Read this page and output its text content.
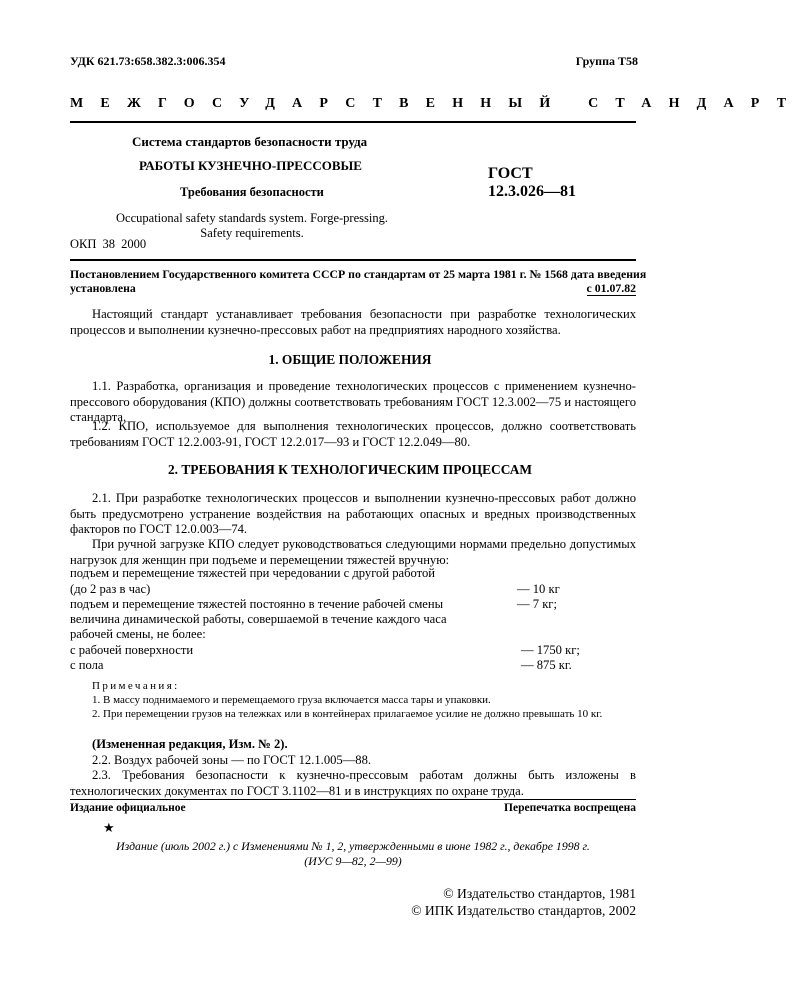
УДК 621.73:658.382.3:006.354	Группа T58
МЕЖГОСУДАРСТВЕННЫЙ СТАНДАРТ
Система стандартов безопасности труда
РАБОТЫ КУЗНЕЧНО-ПРЕССОВЫЕ
Требования безопасности
ГОСТ
12.3.026—81
Occupational safety standards system. Forge-pressing.
Safety requirements.
ОКП 38 2000
Постановлением Государственного комитета СССР по стандартам от 25 марта 1981 г. № 1568 дата введения
установлена	с 01.07.82
Настоящий стандарт устанавливает требования безопасности при разработке технологических процессов и выполнении кузнечно-прессовых работ на предприятиях народного хозяйства.
1. ОБЩИЕ ПОЛОЖЕНИЯ
1.1. Разработка, организация и проведение технологических процессов с применением кузнечно-прессового оборудования (КПО) должны соответствовать требованиям ГОСТ 12.3.002—75 и настоящего стандарта.
1.2. КПО, используемое для выполнения технологических процессов, должно соответствовать требованиям ГОСТ 12.2.003-91, ГОСТ 12.2.017—93 и ГОСТ 12.2.049—80.
2. ТРЕБОВАНИЯ К ТЕХНОЛОГИЧЕСКИМ ПРОЦЕССАМ
2.1. При разработке технологических процессов и выполнении кузнечно-прессовых работ должно быть предусмотрено устранение воздействия на работающих опасных и вредных производственных факторов по ГОСТ 12.0.003—74.
При ручной загрузке КПО следует руководствоваться следующими нормами предельно допустимых нагрузок для женщин при подъеме и перемещении тяжестей вручную:
подъем и перемещение тяжестей при чередовании с другой работой
(до 2 раз в час)	— 10 кг
подъем и перемещение тяжестей постоянно в течение рабочей смены	— 7 кг;
величина динамической работы, совершаемой в течение каждого часа
рабочей смены, не более:
с рабочей поверхности	— 1750 кг;
с пола	— 875 кг.
Примечания:
1. В массу поднимаемого и перемещаемого груза включается масса тары и упаковки.
2. При перемещении грузов на тележках или в контейнерах прилагаемое усилие не должно превышать 10 кг.
(Измененная редакция, Изм. № 2).
2.2. Воздух рабочей зоны — по ГОСТ 12.1.005—88.
2.3. Требования безопасности к кузнечно-прессовым работам должны быть изложены в технологических документах по ГОСТ 3.1102—81 и в инструкциях по охране труда.
Издание официальное	Перепечатка воспрещена
★
Издание (июль 2002 г.) с Изменениями № 1, 2, утвержденными в июне 1982 г., декабре 1998 г.
(ИУС 9—82, 2—99)
© Издательство стандартов, 1981
© ИПК Издательство стандартов, 2002
